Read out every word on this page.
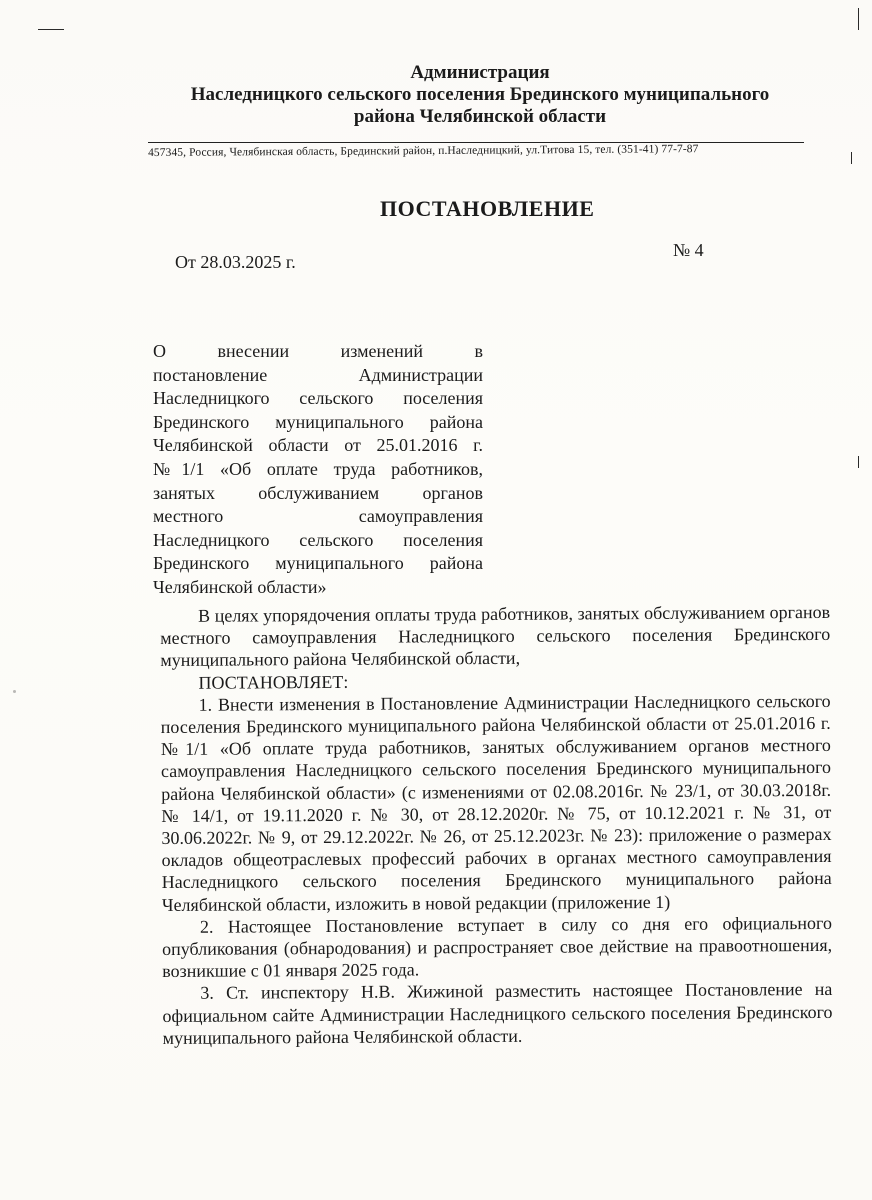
Администрация
Наследницкого сельского поселения Брединского муниципального
района Челябинской области
457345, Россия, Челябинская область, Брединский район, п.Наследницкий, ул.Титова 15, тел. (351-41) 77-7-87
ПОСТАНОВЛЕНИЕ
От 28.03.2025 г.
№ 4
О внесении изменений в
постановление Администрации
Наследницкого сельского поселения
Брединского муниципального района
Челябинской области от 25.01.2016 г.
№1/1 «Об оплате труда работников,
занятых обслуживанием органов
местного самоуправления
Наследницкого сельского поселения
Брединского муниципального района
Челябинской области»

В целях упорядочения оплаты труда работников, занятых обслуживанием органов местного самоуправления Наследницкого сельского поселения Брединского муниципального района Челябинской области,

ПОСТАНОВЛЯЕТ:

1. Внести изменения в Постановление Администрации Наследницкого сельского поселения Брединского муниципального района Челябинской области от 25.01.2016 г. №1/1 «Об оплате труда работников, занятых обслуживанием органов местного самоуправления Наследницкого сельского поселения Брединского муниципального района Челябинской области» (с изменениями от 02.08.2016г. № 23/1, от 30.03.2018г. № 14/1, от 19.11.2020 г. № 30, от 28.12.2020г. № 75, от 10.12.2021 г. № 31, от 30.06.2022г. № 9, от 29.12.2022г. № 26, от 25.12.2023г. № 23): приложение о размерах окладов общеотраслевых профессий рабочих в органах местного самоуправления Наследницкого сельского поселения Брединского муниципального района Челябинской области, изложить в новой редакции (приложение 1)

2. Настоящее Постановление вступает в силу со дня его официального опубликования (обнародования) и распространяет свое действие на правоотношения, возникшие с 01 января 2025 года.

3. Ст. инспектору Н.В. Жижиной разместить настоящее Постановление на официальном сайте Администрации Наследницкого сельского поселения Брединского муниципального района Челябинской области.
